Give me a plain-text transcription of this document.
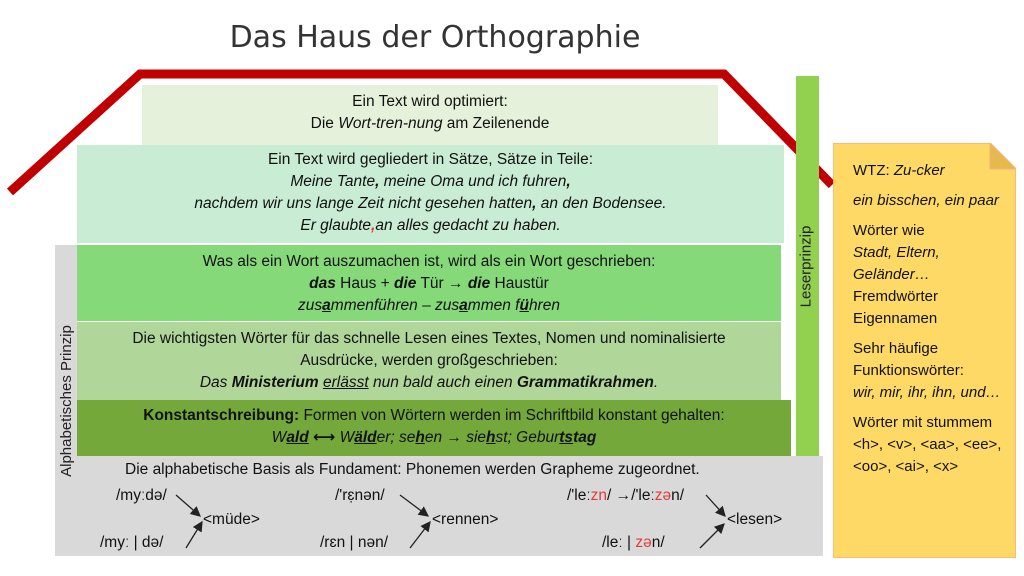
Das Haus der Orthographie
Alphabetisches Prinzip
Leserprinzip
Ein Text wird optimiert:
Die Wort-tren-nung am Zeilenende
Ein Text wird gegliedert in Sätze, Sätze in Teile:
Meine Tante, meine Oma und ich fuhren,
nachdem wir uns lange Zeit nicht gesehen hatten, an den Bodensee.
Er glaubte,an alles gedacht zu haben.
Was als ein Wort auszumachen ist, wird als ein Wort geschrieben:
das Haus + die Tür → die Haustür
zusammenführen – zusammen führen
Die wichtigsten Wörter für das schnelle Lesen eines Textes, Nomen und nominalisierte
Ausdrücke, werden großgeschrieben:
Das Ministerium erlässt nun bald auch einen Grammatikrahmen.
Konstantschreibung: Formen von Wörtern werden im Schriftbild konstant gehalten:
Wald ⟷ Wälder; sehen → siehst; Geburtstag
Die alphabetische Basis als Fundament: Phonemen werden Grapheme zugeordnet.
/myːdə/
<müde>
/myː | də/
/'rɛ̣nən/
<rennen>
/rɛn | nən/
/'leːzn/ →/'leːzən/
<lesen>
/leː | zən/

WTZ: Zu-cker

ein bisschen, ein paar

Wörter wie
Stadt, Eltern, Geländer…
Fremdwörter
Eigennamen

Sehr häufige Funktionswörter:
wir, mir, ihr, ihn, und…

Wörter mit stummem <h>, <v>, <aa>, <ee>, <oo>, <ai>, <x>
